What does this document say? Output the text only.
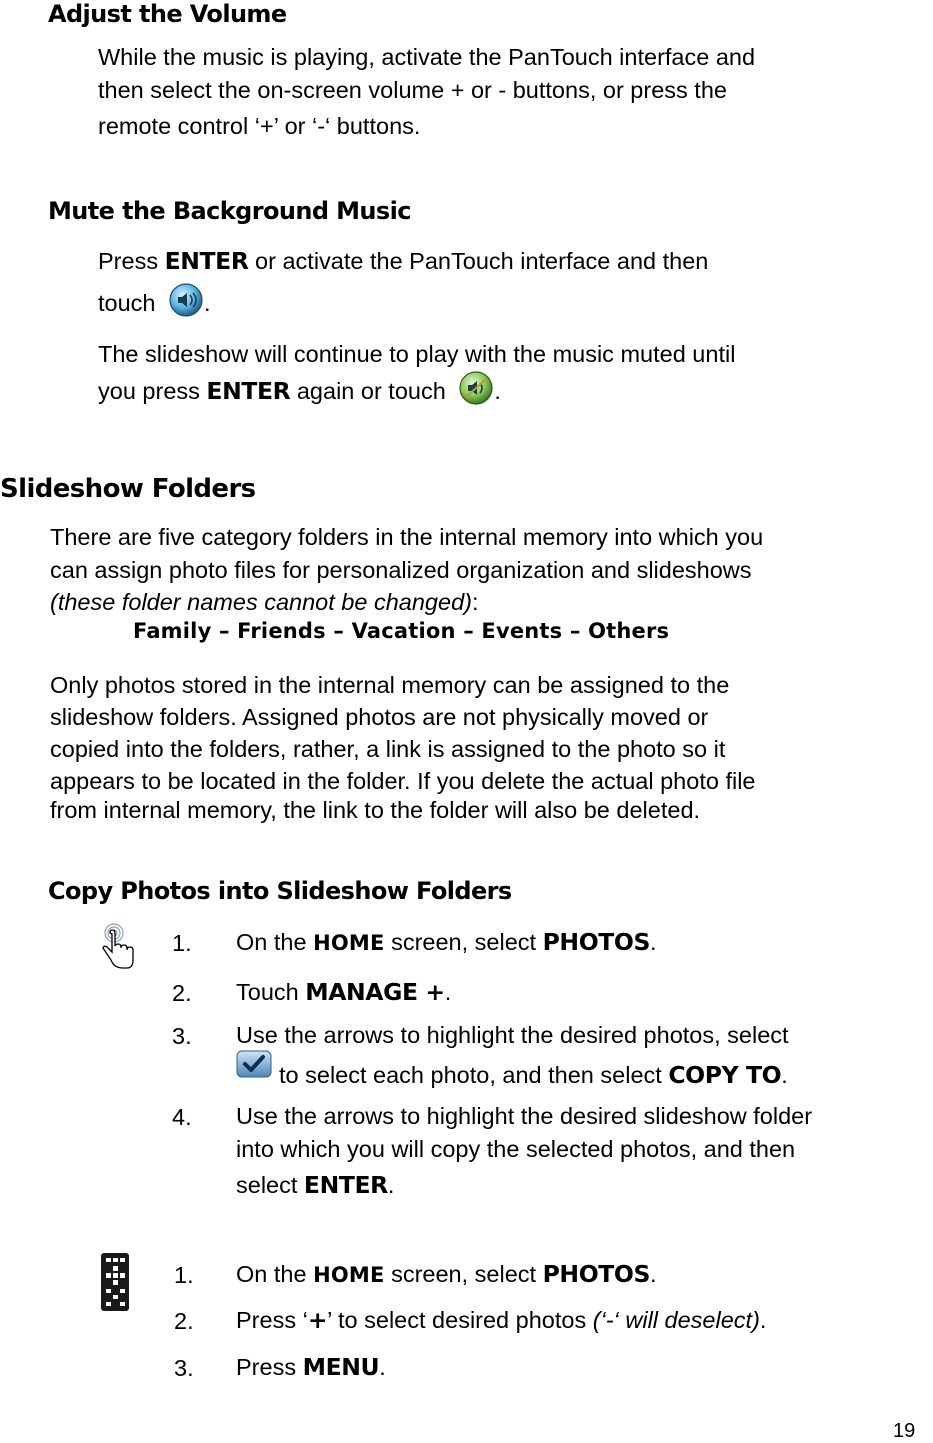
Adjust the Volume
While the music is playing, activate the PanTouch interface and
then select the on-screen volume + or - buttons, or press the
remote control ‘+’ or ‘-‘ buttons.
Mute the Background Music
Press ENTER or activate the PanTouch interface and then
touch .
The slideshow will continue to play with the music muted until
you press ENTER again or touch .
Slideshow Folders
There are five category folders in the internal memory into which you
can assign photo files for personalized organization and slideshows
(these folder names cannot be changed):
Family – Friends – Vacation – Events – Others
Only photos stored in the internal memory can be assigned to the
slideshow folders. Assigned photos are not physically moved or
copied into the folders, rather, a link is assigned to the photo so it
appears to be located in the folder. If you delete the actual photo file
from internal memory, the link to the folder will also be deleted.
Copy Photos into Slideshow Folders
1. On the HOME screen, select PHOTOS.
2. Touch MANAGE +.
3. Use the arrows to highlight the desired photos, select
to select each photo, and then select COPY TO.
4. Use the arrows to highlight the desired slideshow folder
into which you will copy the selected photos, and then
select ENTER.
1. On the HOME screen, select PHOTOS.
2. Press ‘+’ to select desired photos (‘-‘ will deselect).
3. Press MENU.
19
